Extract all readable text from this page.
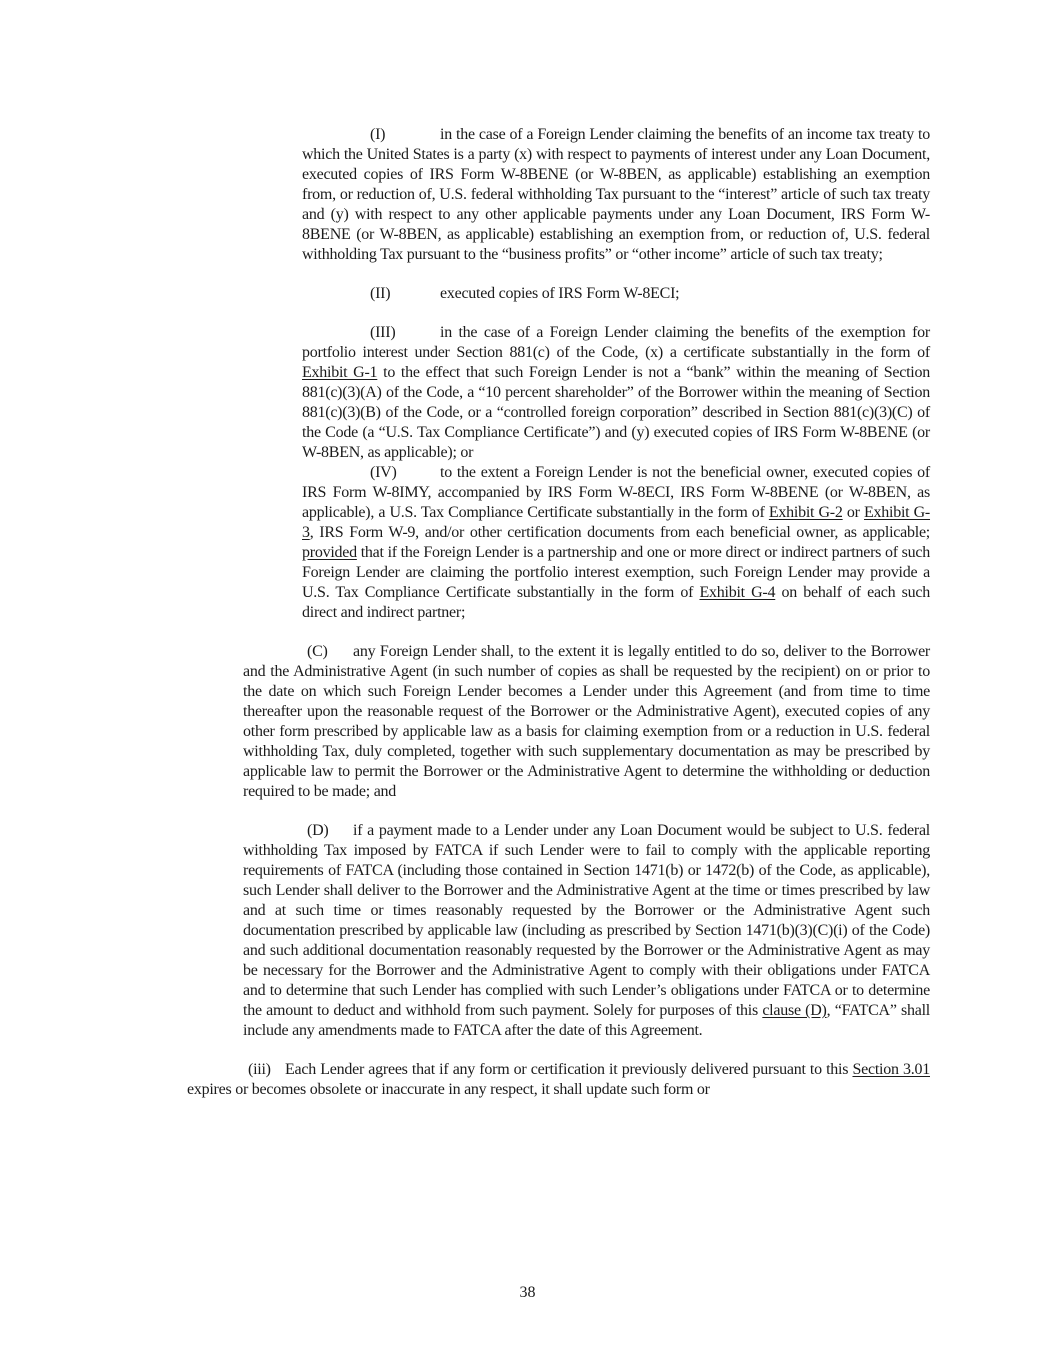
(I)	in the case of a Foreign Lender claiming the benefits of an income tax treaty to which the United States is a party (x) with respect to payments of interest under any Loan Document, executed copies of IRS Form W-8BENE (or W-8BEN, as applicable) establishing an exemption from, or reduction of, U.S. federal withholding Tax pursuant to the “interest” article of such tax treaty and (y) with respect to any other applicable payments under any Loan Document, IRS Form W-8BENE (or W-8BEN, as applicable) establishing an exemption from, or reduction of, U.S. federal withholding Tax pursuant to the “business profits” or “other income” article of such tax treaty;

(II)	executed copies of IRS Form W-8ECI;

(III)	in the case of a Foreign Lender claiming the benefits of the exemption for portfolio interest under Section 881(c) of the Code, (x) a certificate substantially in the form of Exhibit G-1 to the effect that such Foreign Lender is not a “bank” within the meaning of Section 881(c)(3)(A) of the Code, a “10 percent shareholder” of the Borrower within the meaning of Section 881(c)(3)(B) of the Code, or a “controlled foreign corporation” described in Section 881(c)(3)(C) of the Code (a “U.S. Tax Compliance Certificate”) and (y) executed copies of IRS Form W-8BENE (or W-8BEN, as applicable); or

(IV)	to the extent a Foreign Lender is not the beneficial owner, executed copies of IRS Form W-8IMY, accompanied by IRS Form W-8ECI, IRS Form W-8BENE (or W-8BEN, as applicable), a U.S. Tax Compliance Certificate substantially in the form of Exhibit G-2 or Exhibit G-3, IRS Form W-9, and/or other certification documents from each beneficial owner, as applicable; provided that if the Foreign Lender is a partnership and one or more direct or indirect partners of such Foreign Lender are claiming the portfolio interest exemption, such Foreign Lender may provide a U.S. Tax Compliance Certificate substantially in the form of Exhibit G-4 on behalf of each such direct and indirect partner;

(C) any Foreign Lender shall, to the extent it is legally entitled to do so, deliver to the Borrower and the Administrative Agent (in such number of copies as shall be requested by the recipient) on or prior to the date on which such Foreign Lender becomes a Lender under this Agreement (and from time to time thereafter upon the reasonable request of the Borrower or the Administrative Agent), executed copies of any other form prescribed by applicable law as a basis for claiming exemption from or a reduction in U.S. federal withholding Tax, duly completed, together with such supplementary documentation as may be prescribed by applicable law to permit the Borrower or the Administrative Agent to determine the withholding or deduction required to be made; and

(D) if a payment made to a Lender under any Loan Document would be subject to U.S. federal withholding Tax imposed by FATCA if such Lender were to fail to comply with the applicable reporting requirements of FATCA (including those contained in Section 1471(b) or 1472(b) of the Code, as applicable), such Lender shall deliver to the Borrower and the Administrative Agent at the time or times prescribed by law and at such time or times reasonably requested by the Borrower or the Administrative Agent such documentation prescribed by applicable law (including as prescribed by Section 1471(b)(3)(C)(i) of the Code) and such additional documentation reasonably requested by the Borrower or the Administrative Agent as may be necessary for the Borrower and the Administrative Agent to comply with their obligations under FATCA and to determine that such Lender has complied with such Lender’s obligations under FATCA or to determine the amount to deduct and withhold from such payment. Solely for purposes of this clause (D), “FATCA” shall include any amendments made to FATCA after the date of this Agreement.

(iii) Each Lender agrees that if any form or certification it previously delivered pursuant to this Section 3.01 expires or becomes obsolete or inaccurate in any respect, it shall update such form or

38
